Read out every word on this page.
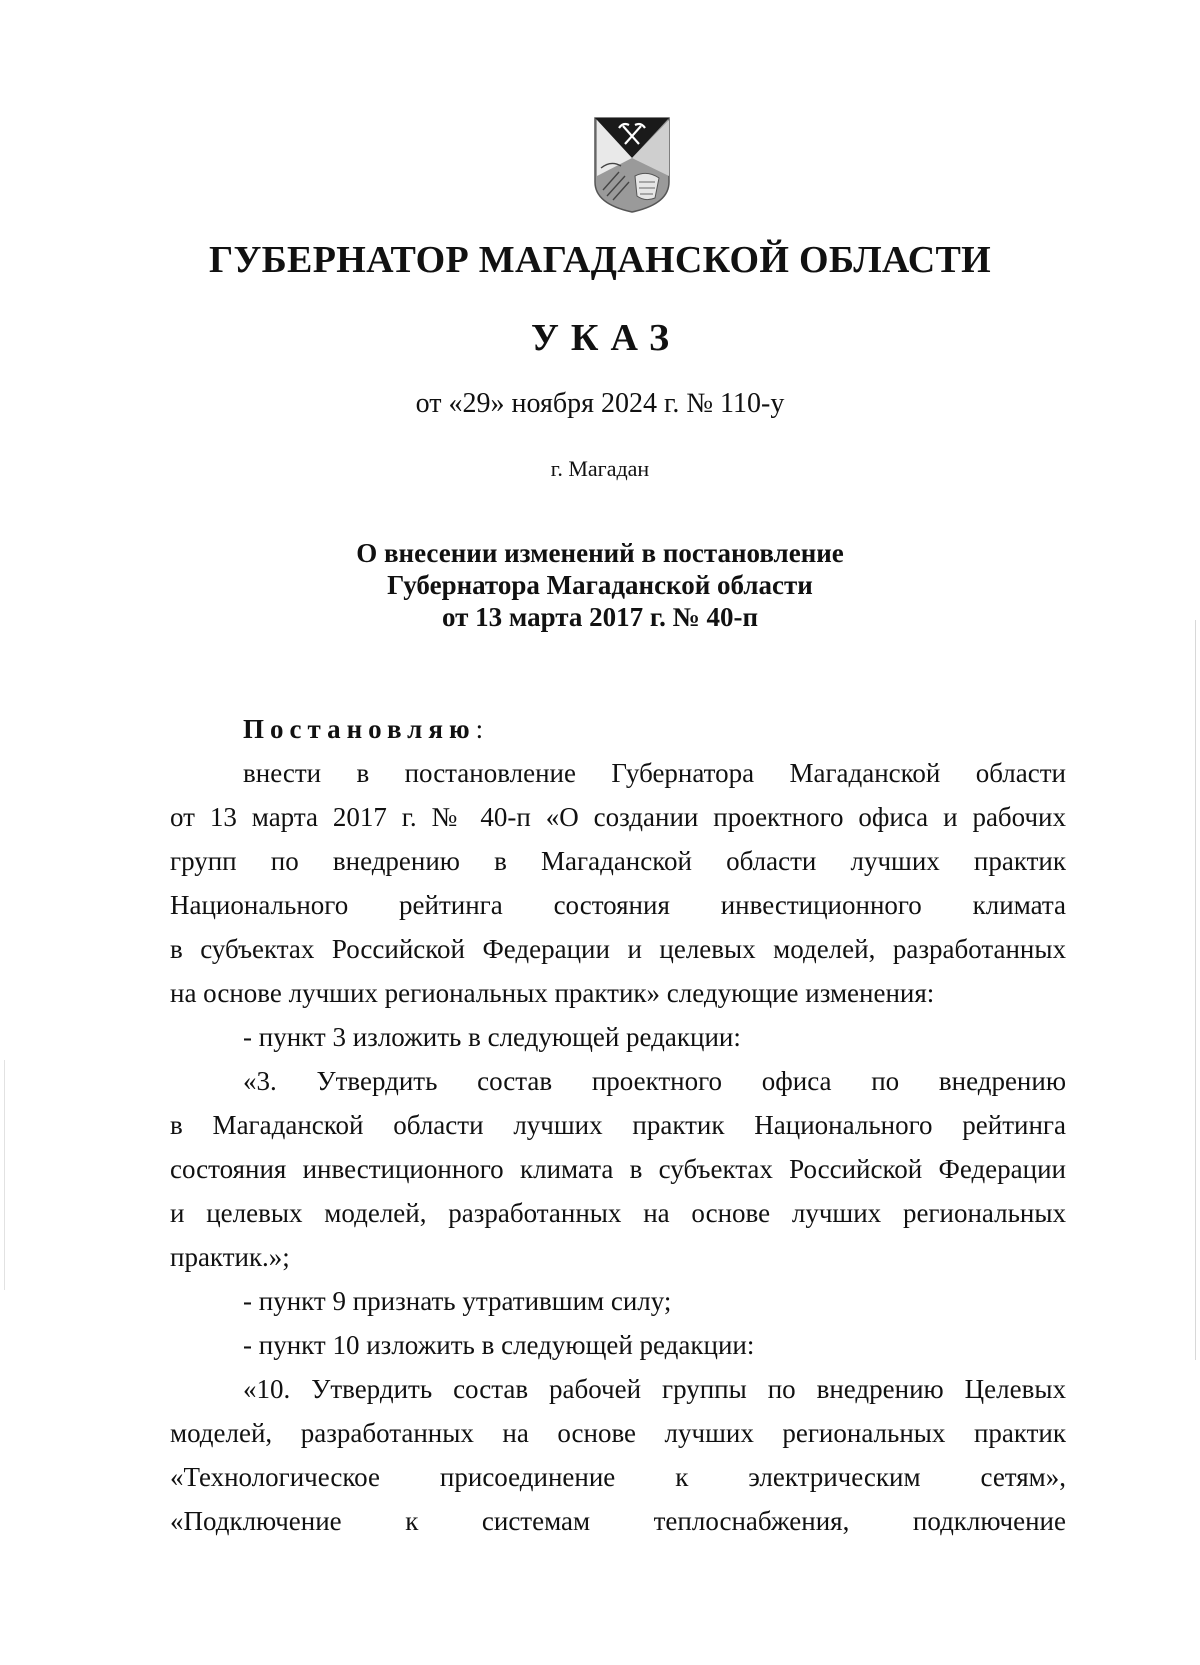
ГУБЕРНАТОР МАГАДАНСКОЙ ОБЛАСТИ
УКАЗ
от «29» ноября 2024 г. № 110-у
г. Магадан
О внесении изменений в постановление
Губернатора Магаданской области
от 13 марта 2017 г. № 40-п
Постановляю:
внести в постановление Губернатора Магаданской области
от 13 марта 2017 г. № 40-п «О создании проектного офиса и рабочих
групп по внедрению в Магаданской области лучших практик
Национального рейтинга состояния инвестиционного климата
в субъектах Российской Федерации и целевых моделей, разработанных
на основе лучших региональных практик» следующие изменения:
- пункт 3 изложить в следующей редакции:
«3. Утвердить состав проектного офиса по внедрению
в Магаданской области лучших практик Национального рейтинга
состояния инвестиционного климата в субъектах Российской Федерации
и целевых моделей, разработанных на основе лучших региональных
практик.»;
- пункт 9 признать утратившим силу;
- пункт 10 изложить в следующей редакции:
«10. Утвердить состав рабочей группы по внедрению Целевых
моделей, разработанных на основе лучших региональных практик
«Технологическое присоединение к электрическим сетям»,
«Подключение к системам теплоснабжения, подключение
